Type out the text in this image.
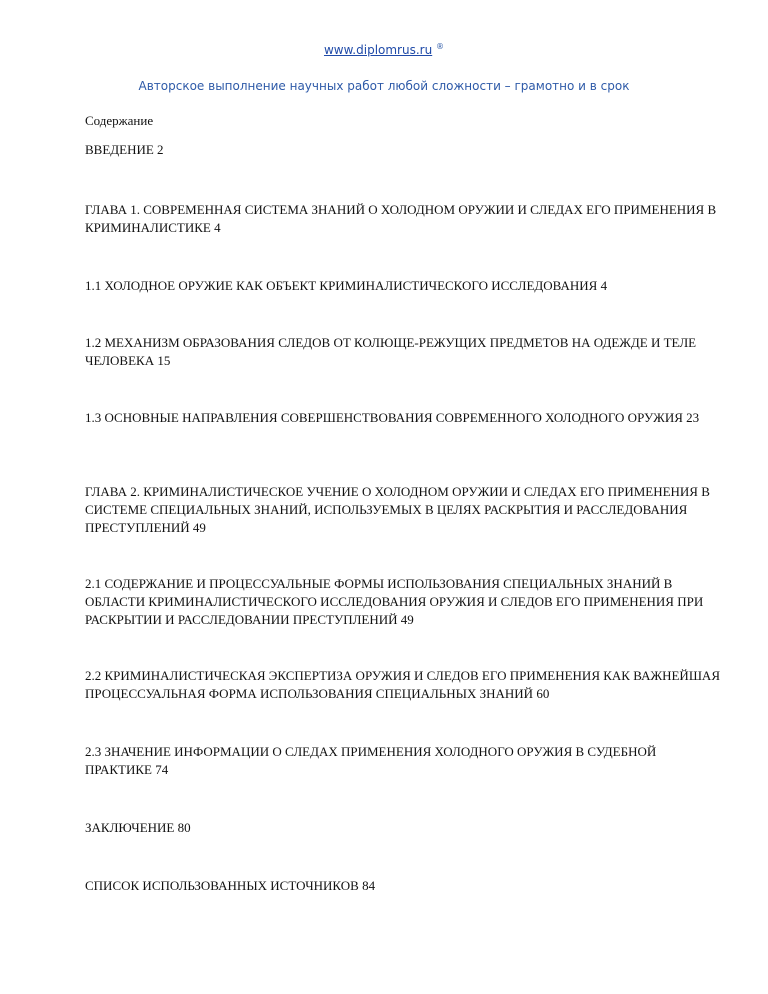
www.diplomrus.ru ®
Авторское выполнение научных работ любой сложности – грамотно и в срок

Содержание

ВВЕДЕНИЕ 2

ГЛАВА 1. СОВРЕМЕННАЯ СИСТЕМА ЗНАНИЙ О ХОЛОДНОМ ОРУЖИИ И СЛЕДАХ ЕГО ПРИМЕНЕНИЯ В КРИМИНАЛИСТИКЕ 4

1.1 ХОЛОДНОЕ ОРУЖИЕ КАК ОБЪЕКТ КРИМИНАЛИСТИЧЕСКОГО ИССЛЕДОВАНИЯ 4

1.2 МЕХАНИЗМ ОБРАЗОВАНИЯ СЛЕДОВ ОТ КОЛЮЩЕ-РЕЖУЩИХ ПРЕДМЕТОВ НА ОДЕЖДЕ И ТЕЛЕ ЧЕЛОВЕКА 15

1.3 ОСНОВНЫЕ НАПРАВЛЕНИЯ СОВЕРШЕНСТВОВАНИЯ СОВРЕМЕННОГО ХОЛОДНОГО ОРУЖИЯ 23

ГЛАВА 2. КРИМИНАЛИСТИЧЕСКОЕ УЧЕНИЕ О ХОЛОДНОМ ОРУЖИИ И СЛЕДАХ ЕГО ПРИМЕНЕНИЯ В СИСТЕМЕ СПЕЦИАЛЬНЫХ ЗНАНИЙ, ИСПОЛЬЗУЕМЫХ В ЦЕЛЯХ РАСКРЫТИЯ И РАССЛЕДОВАНИЯ ПРЕСТУПЛЕНИЙ 49

2.1 СОДЕРЖАНИЕ И ПРОЦЕССУАЛЬНЫЕ ФОРМЫ ИСПОЛЬЗОВАНИЯ СПЕЦИАЛЬНЫХ ЗНАНИЙ В ОБЛАСТИ КРИМИНАЛИСТИЧЕСКОГО ИССЛЕДОВАНИЯ ОРУЖИЯ И СЛЕДОВ ЕГО ПРИМЕНЕНИЯ ПРИ РАСКРЫТИИ И РАССЛЕДОВАНИИ ПРЕСТУПЛЕНИЙ 49

2.2 КРИМИНАЛИСТИЧЕСКАЯ ЭКСПЕРТИЗА ОРУЖИЯ И СЛЕДОВ ЕГО ПРИМЕНЕНИЯ КАК ВАЖНЕЙШАЯ ПРОЦЕССУАЛЬНАЯ ФОРМА ИСПОЛЬЗОВАНИЯ СПЕЦИАЛЬНЫХ ЗНАНИЙ 60

2.3 ЗНАЧЕНИЕ ИНФОРМАЦИИ О СЛЕДАХ ПРИМЕНЕНИЯ ХОЛОДНОГО ОРУЖИЯ В СУДЕБНОЙ ПРАКТИКЕ 74

ЗАКЛЮЧЕНИЕ 80

СПИСОК ИСПОЛЬЗОВАННЫХ ИСТОЧНИКОВ 84
